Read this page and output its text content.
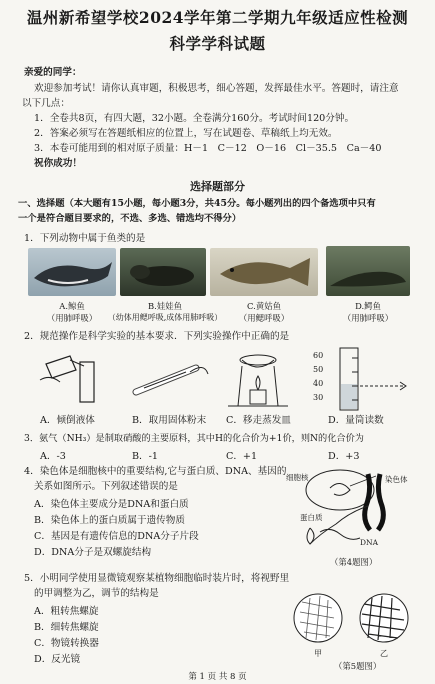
温州新希望学校2024学年第二学期九年级适应性检测
科学学科试题
亲爱的同学：
欢迎参加考试！请你认真审题，积极思考，细心答题，发挥最佳水平。答题时，请注意
以下几点：
1．全卷共8页，有四大题，32小题。全卷满分160分。考试时间120分钟。
2．答案必须写在答题纸相应的位置上，写在试题卷、草稿纸上均无效。
3．本卷可能用到的相对原子质量：H－1　C－12　O－16　Cl－35.5　Ca－40
祝你成功！
选择题部分
一、选择题（本大题有15小题，每小题3分，共45分。每小题列出的四个备选项中只有
一个是符合题目要求的，不选、多选、错选均不得分）
1．下列动物中属于鱼类的是
A.鲸鱼
（用肺呼吸）
B.娃娃鱼
（幼体用鳃呼吸,成体用肺呼吸）
C.黄姑鱼
（用鳃呼吸）
D.鳄鱼
（用肺呼吸）
2．规范操作是科学实验的基本要求．下列实验操作中正确的是
60
50
40
30
A．倾倒液体	B．取用固体粉末 C．移走蒸发皿	D．量筒读数
3．氨气（NH₃）是制取硝酸的主要原料，其中H的化合价为+1价，则N的化合价为
A．-3	B．-1	C．+1	D．+3
4．染色体是细胞核中的重要结构,它与蛋白质、DNA、基因的
关系如图所示。下列叙述错误的是
A．染色体主要成分是DNA和蛋白质
B．染色体上的蛋白质属于遗传物质
C．基因是有遗传信息的DNA分子片段
D．DNA分子是双螺旋结构
细胞核	染色体
蛋白质
DNA
（第4题图）
5．小明同学使用显微镜观察某植物细胞临时装片时，将视野里
的甲调整为乙，调节的结构是
A．粗转焦螺旋
B．细转焦螺旋
C．物镜转换器
D．反光镜
甲	乙
（第5题图）
第 1 页 共 8 页
